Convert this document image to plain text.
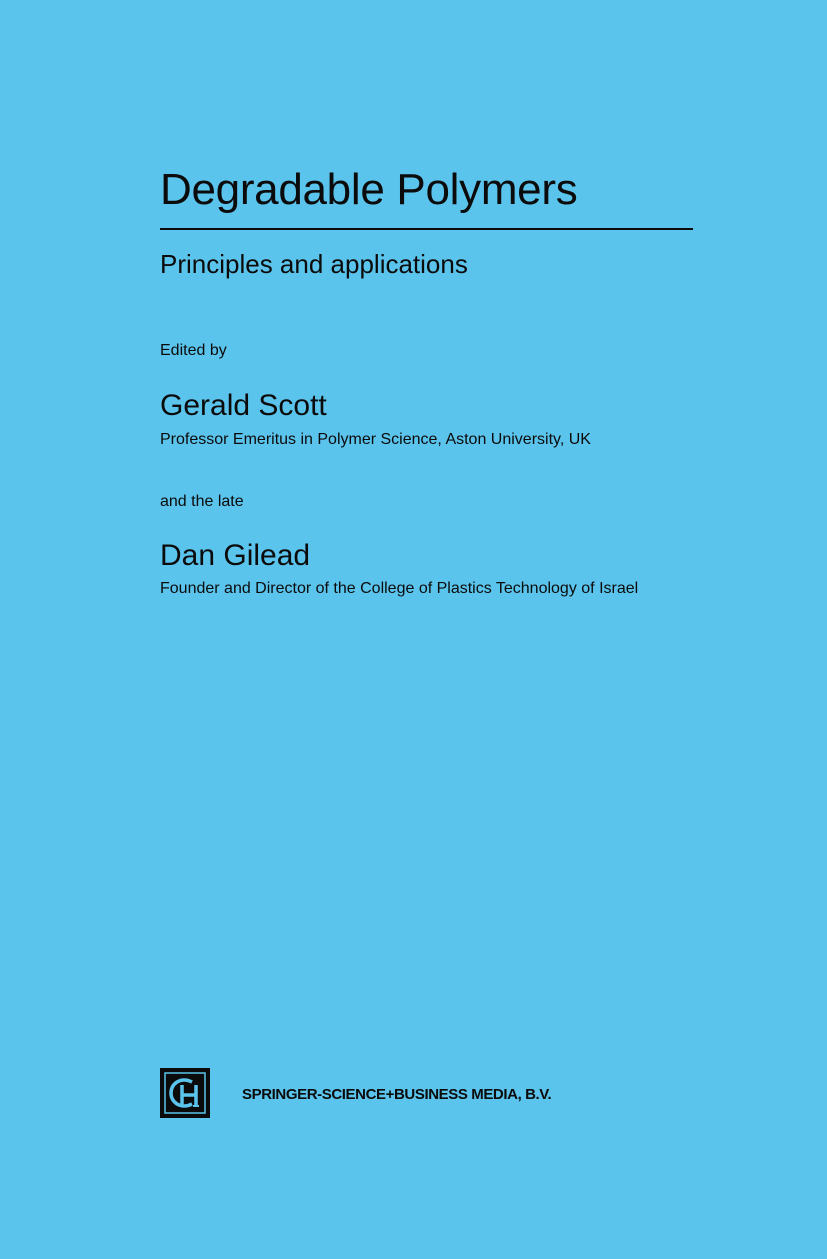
Degradable Polymers
Principles and applications
Edited by
Gerald Scott
Professor Emeritus in Polymer Science, Aston University, UK
and the late
Dan Gilead
Founder and Director of the College of Plastics Technology of Israel
SPRINGER-SCIENCE+BUSINESS MEDIA, B.V.
